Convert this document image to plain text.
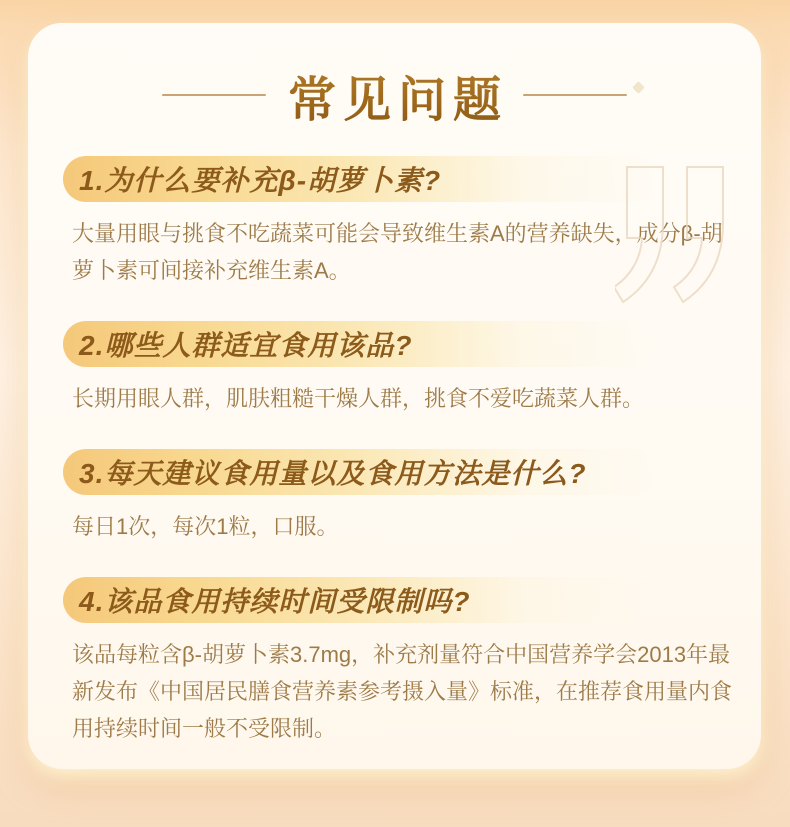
常见问题
1.为什么要补充β-胡萝卜素?

大量用眼与挑食不吃蔬菜可能会导致维生素A的营养缺失，成分β-胡萝卜素可间接补充维生素A。

2.哪些人群适宜食用该品?

长期用眼人群，肌肤粗糙干燥人群，挑食不爱吃蔬菜人群。

3.每天建议食用量以及食用方法是什么?

每日1次，每次1粒，口服。

4.该品食用持续时间受限制吗?

该品每粒含β-胡萝卜素3.7mg，补充剂量符合中国营养学会2013年最新发布《中国居民膳食营养素参考摄入量》标准，在推荐食用量内食用持续时间一般不受限制。
